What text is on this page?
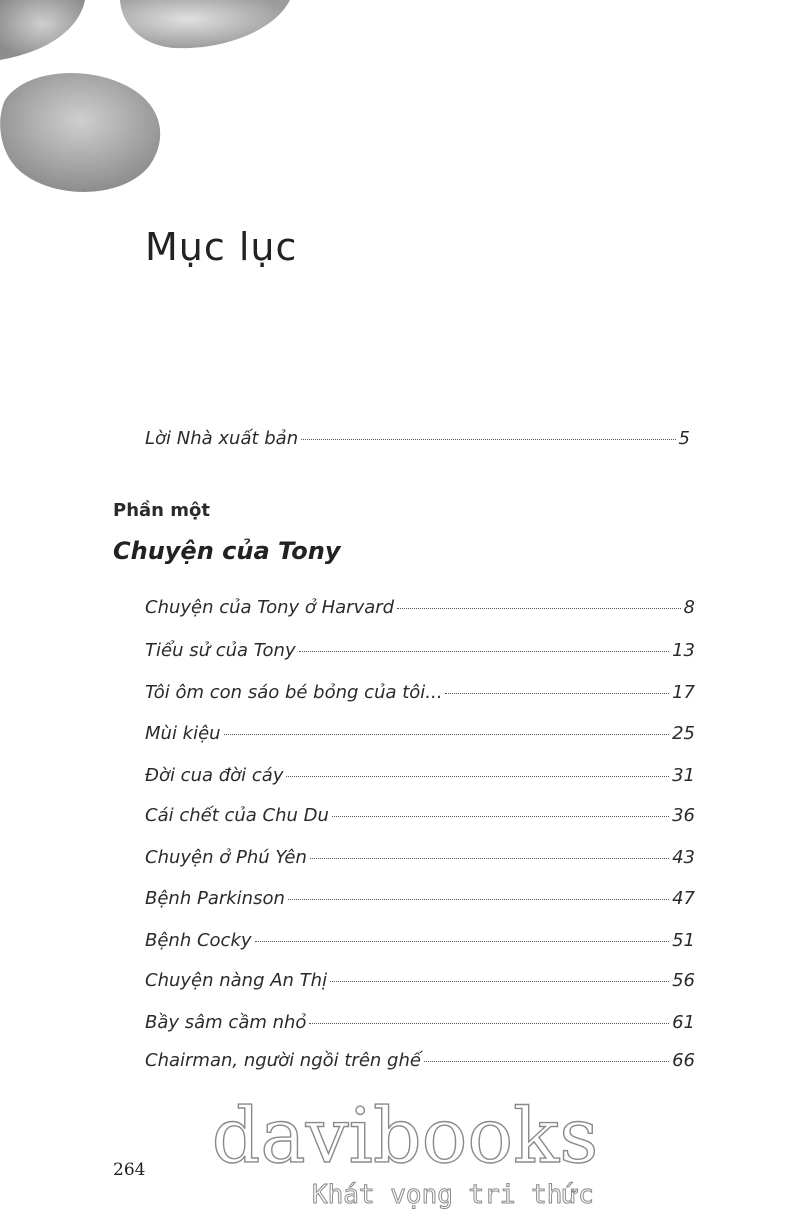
Mục lục
Lời Nhà xuất bản	5
Phần một
Chuyện của Tony
Chuyện của Tony ở Harvard	8
Tiểu sử của Tony	13
Tôi ôm con sáo bé bỏng của tôi...	17
Mùi kiệu	25
Đời cua đời cáy	31
Cái chết của Chu Du	36
Chuyện ở Phú Yên	43
Bệnh Parkinson	47
Bệnh Cocky	51
Chuyện nàng An Thị	56
Bầy sâm cầm nhỏ	61
Chairman, người ngồi trên ghế	66
davibooks
Khát vọng tri thức
264
